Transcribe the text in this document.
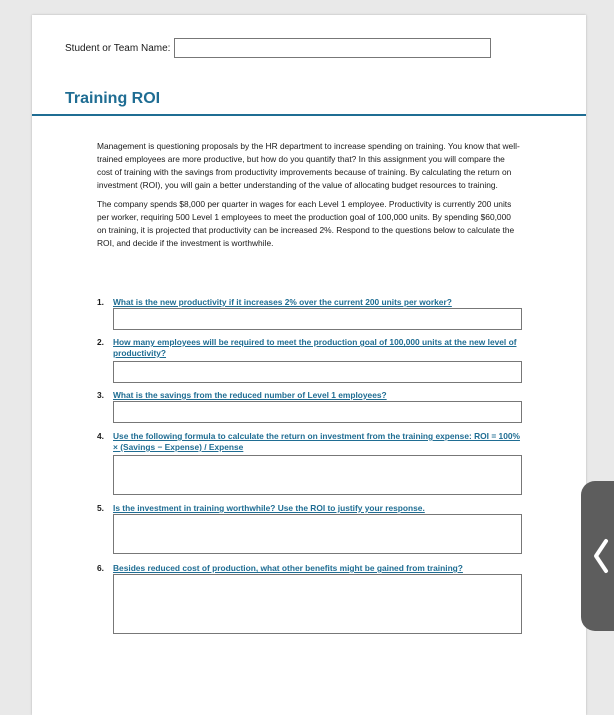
Student or Team Name:
Training ROI

Management is questioning proposals by the HR department to increase spending on training. You know that well-trained employees are more productive, but how do you quantify that? In this assignment you will compare the cost of training with the savings from productivity improvements because of training. By calculating the return on investment (ROI), you will gain a better understanding of the value of allocating budget resources to training.

The company spends $8,000 per quarter in wages for each Level 1 employee. Productivity is currently 200 units per worker, requiring 500 Level 1 employees to meet the production goal of 100,000 units. By spending $60,000 on training, it is projected that productivity can be increased 2%. Respond to the questions below to calculate the ROI, and decide if the investment is worthwhile.

1. What is the new productivity if it increases 2% over the current 200 units per worker?
2. How many employees will be required to meet the production goal of 100,000 units at the new level of productivity?
3. What is the savings from the reduced number of Level 1 employees?
4. Use the following formula to calculate the return on investment from the training expense: ROI = 100% × (Savings − Expense) / Expense
5. Is the investment in training worthwhile? Use the ROI to justify your response.
6. Besides reduced cost of production, what other benefits might be gained from training?
